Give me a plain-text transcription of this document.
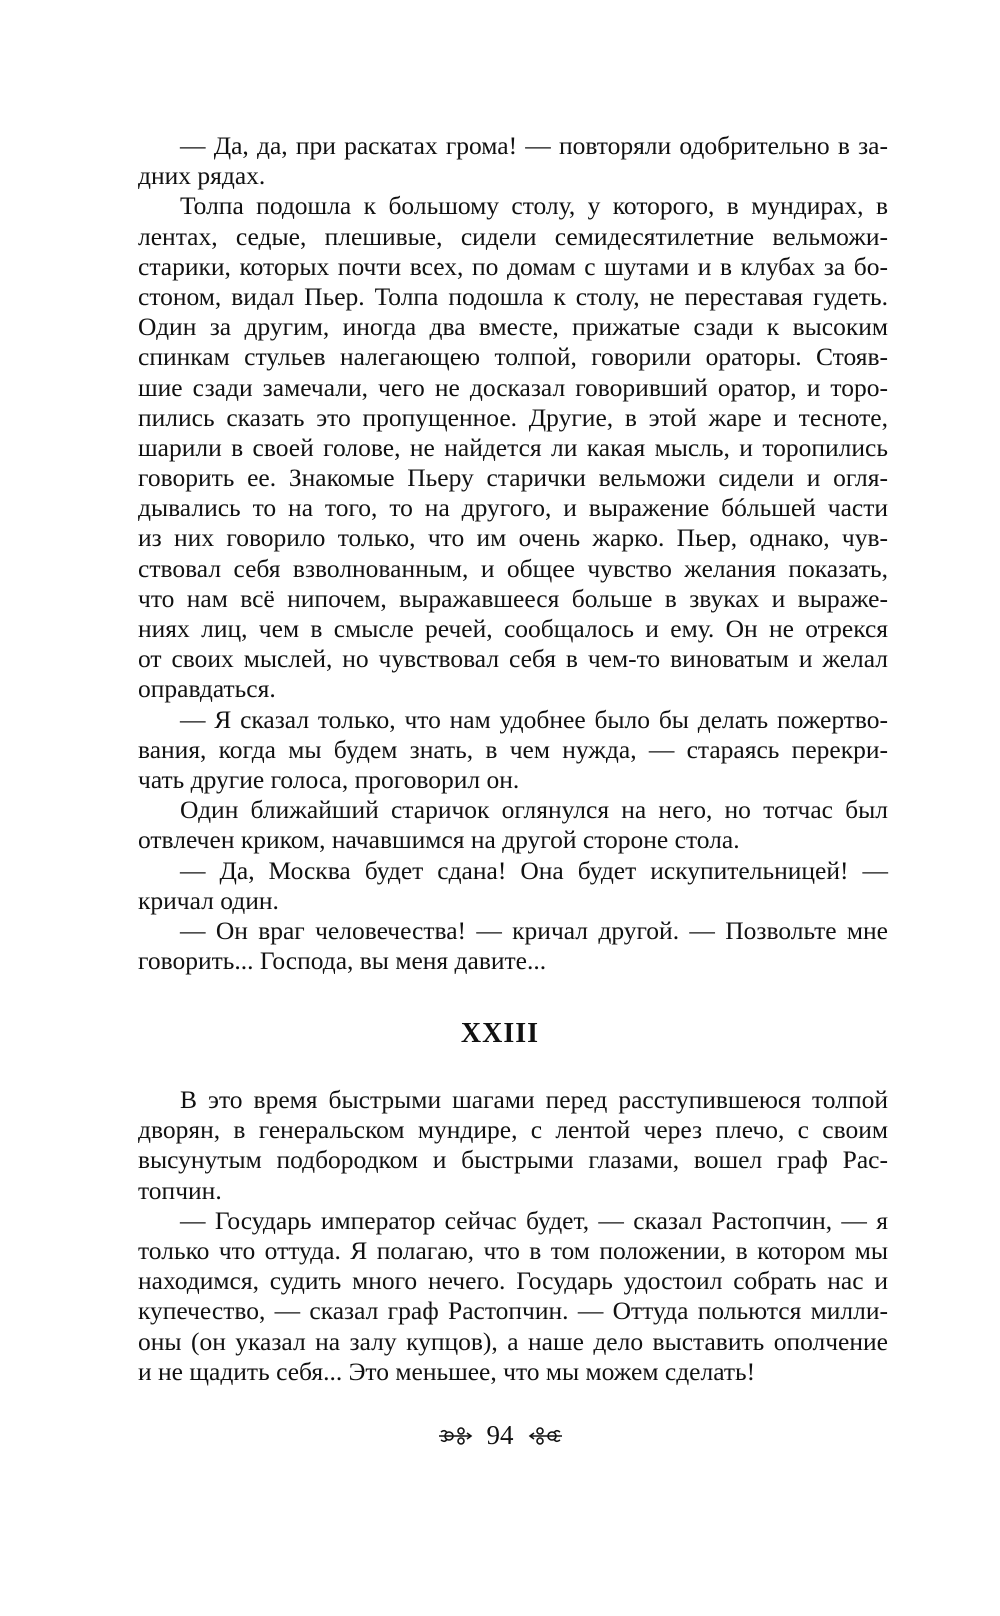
— Да, да, при раскатах грома! — повторяли одобрительно в за-
дних рядах.
Толпа подошла к большому столу, у которого, в мундирах, в
лентах, седые, плешивые, сидели семидесятилетние вельможи-
старики, которых почти всех, по домам с шутами и в клубах за бо-
стоном, видал Пьер. Толпа подошла к столу, не переставая гудеть.
Один за другим, иногда два вместе, прижатые сзади к высоким
спинкам стульев налегающею толпой, говорили ораторы. Стояв-
шие сзади замечали, чего не досказал говоривший оратор, и торо-
пились сказать это пропущенное. Другие, в этой жаре и тесноте,
шарили в своей голове, не найдется ли какая мысль, и торопились
говорить ее. Знакомые Пьеру старички вельможи сидели и огля-
дывались то на того, то на другого, и выражение бóльшей части
из них говорило только, что им очень жарко. Пьер, однако, чув-
ствовал себя взволнованным, и общее чувство желания показать,
что нам всё нипочем, выражавшееся больше в звуках и выраже-
ниях лиц, чем в смысле речей, сообщалось и ему. Он не отрекся
от своих мыслей, но чувствовал себя в чем-то виноватым и желал
оправдаться.
— Я сказал только, что нам удобнее было бы делать пожертво-
вания, когда мы будем знать, в чем нужда, — стараясь перекри-
чать другие голоса, проговорил он.
Один ближайший старичок оглянулся на него, но тотчас был
отвлечен криком, начавшимся на другой стороне стола.
— Да, Москва будет сдана! Она будет искупительницей! —
кричал один.
— Он враг человечества! — кричал другой. — Позвольте мне
говорить... Господа, вы меня давите...
XXIII
В это время быстрыми шагами перед расступившеюся толпой
дворян, в генеральском мундире, с лентой через плечо, с своим
высунутым подбородком и быстрыми глазами, вошел граф Рас-
топчин.
— Государь император сейчас будет, — сказал Растопчин, — я
только что оттуда. Я полагаю, что в том положении, в котором мы
находимся, судить много нечего. Государь удостоил собрать нас и
купечество, — сказал граф Растопчин. — Оттуда польются милли-
оны (он указал на залу купцов), а наше дело выставить ополчение
и не щадить себя... Это меньшее, что мы можем сделать!
94
